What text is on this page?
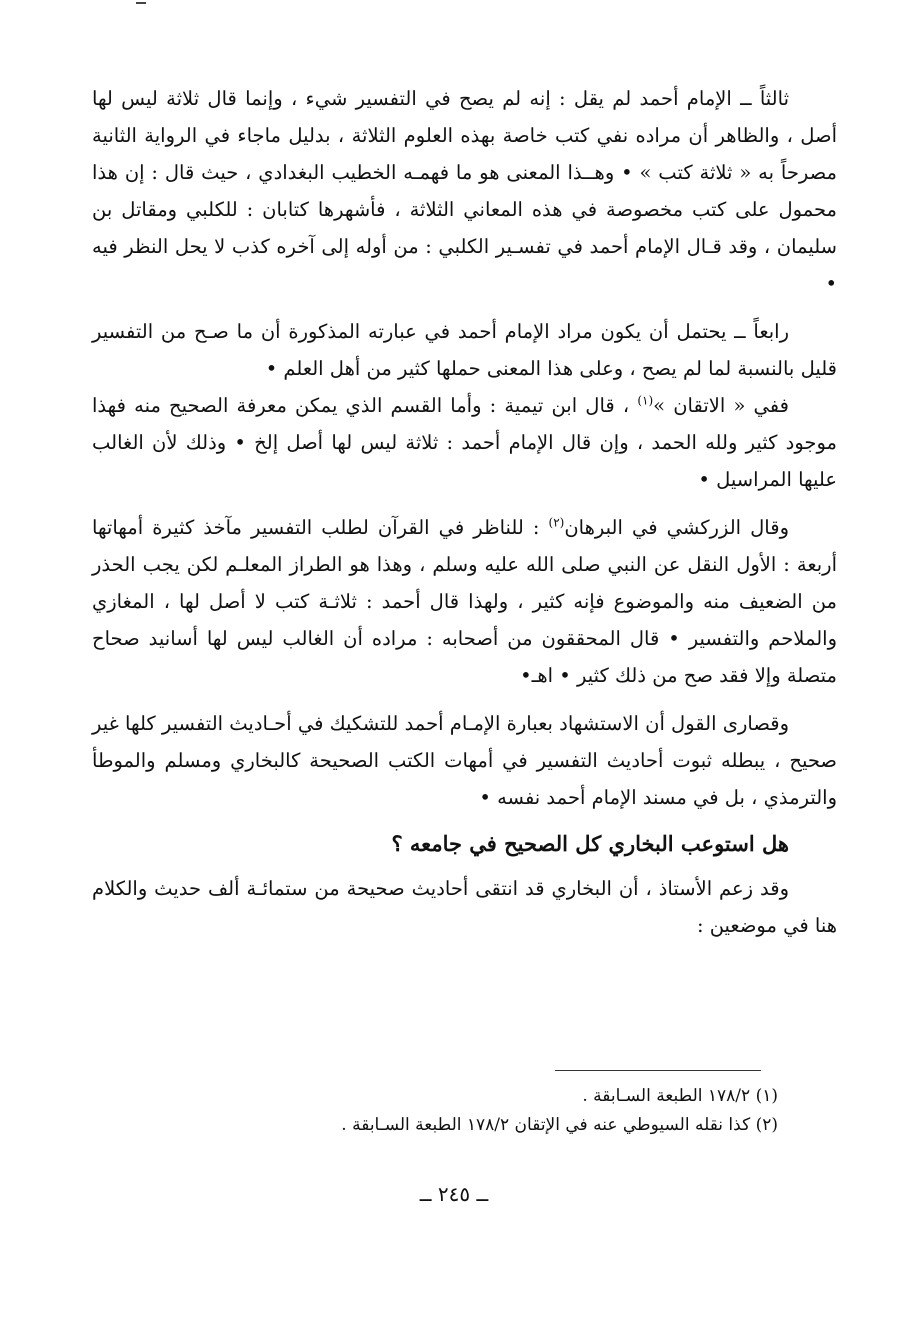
ثالثاً ــ الإمام أحمد لم يقل : إنه لم يصح في التفسير شيء ، وإنما قال ثلاثة ليس لها أصل ، والظاهر أن مراده نفي كتب خاصة بهذه العلوم الثلاثة ، بدليل ماجاء في الرواية الثانية مصرحاً به « ثلاثة كتب » • وهــذا المعنى هو ما فهمـه الخطيب البغدادي ، حيث قال : إن هذا محمول على كتب مخصوصة في هذه المعاني الثلاثة ، فأشهرها كتابان : للكلبي ومقاتل بن سليمان ، وقد قـال الإمام أحمد في تفسـير الكلبي : من أوله إلى آخره كذب لا يحل النظر فيه •

رابعاً ــ يحتمل أن يكون مراد الإمام أحمد في عبارته المذكورة أن ما صـح من التفسير قليل بالنسبة لما لم يصح ، وعلى هذا المعنى حملها كثير من أهل العلم •

ففي « الاتقان »$^{(١)}$ ، قال ابن تيمية : وأما القسم الذي يمكن معرفة الصحيح منه فهذا موجود كثير ولله الحمد ، وإن قال الإمام أحمد : ثلاثة ليس لها أصل إلخ • وذلك لأن الغالب عليها المراسيل •

وقال الزركشي في البرهان$^{(٢)}$ : للناظر في القرآن لطلب التفسير مآخذ كثيرة أمهاتها أربعة : الأول النقل عن النبي صلى الله عليه وسلم ، وهذا هو الطراز المعلـم لكن يجب الحذر من الضعيف منه والموضوع فإنه كثير ، ولهذا قال أحمد : ثلاثـة كتب لا أصل لها ، المغازي والملاحم والتفسير • قال المحققون من أصحابه : مراده أن الغالب ليس لها أسانيد صحاح متصلة وإلا فقد صح من ذلك كثير • اهـ•

وقصارى القول أن الاستشهاد بعبارة الإمـام أحمد للتشكيك في أحـاديث التفسير كلها غير صحيح ، يبطله ثبوت أحاديث التفسير في أمهات الكتب الصحيحة كالبخاري ومسلم والموطأ والترمذي ، بل في مسند الإمام أحمد نفسه •

هل استوعب البخاري كل الصحيح في جامعه ؟

وقد زعم الأستاذ ، أن البخاري قد انتقى أحاديث صحيحة من ستمائـة ألف حديث والكلام هنا في موضعين :

(١) ١٧٨/٢ الطبعة السـابقة .

(٢) كذا نقله السيوطي عنه في الإتقان ١٧٨/٢ الطبعة السـابقة .

ــ ٢٤٥ ــ
